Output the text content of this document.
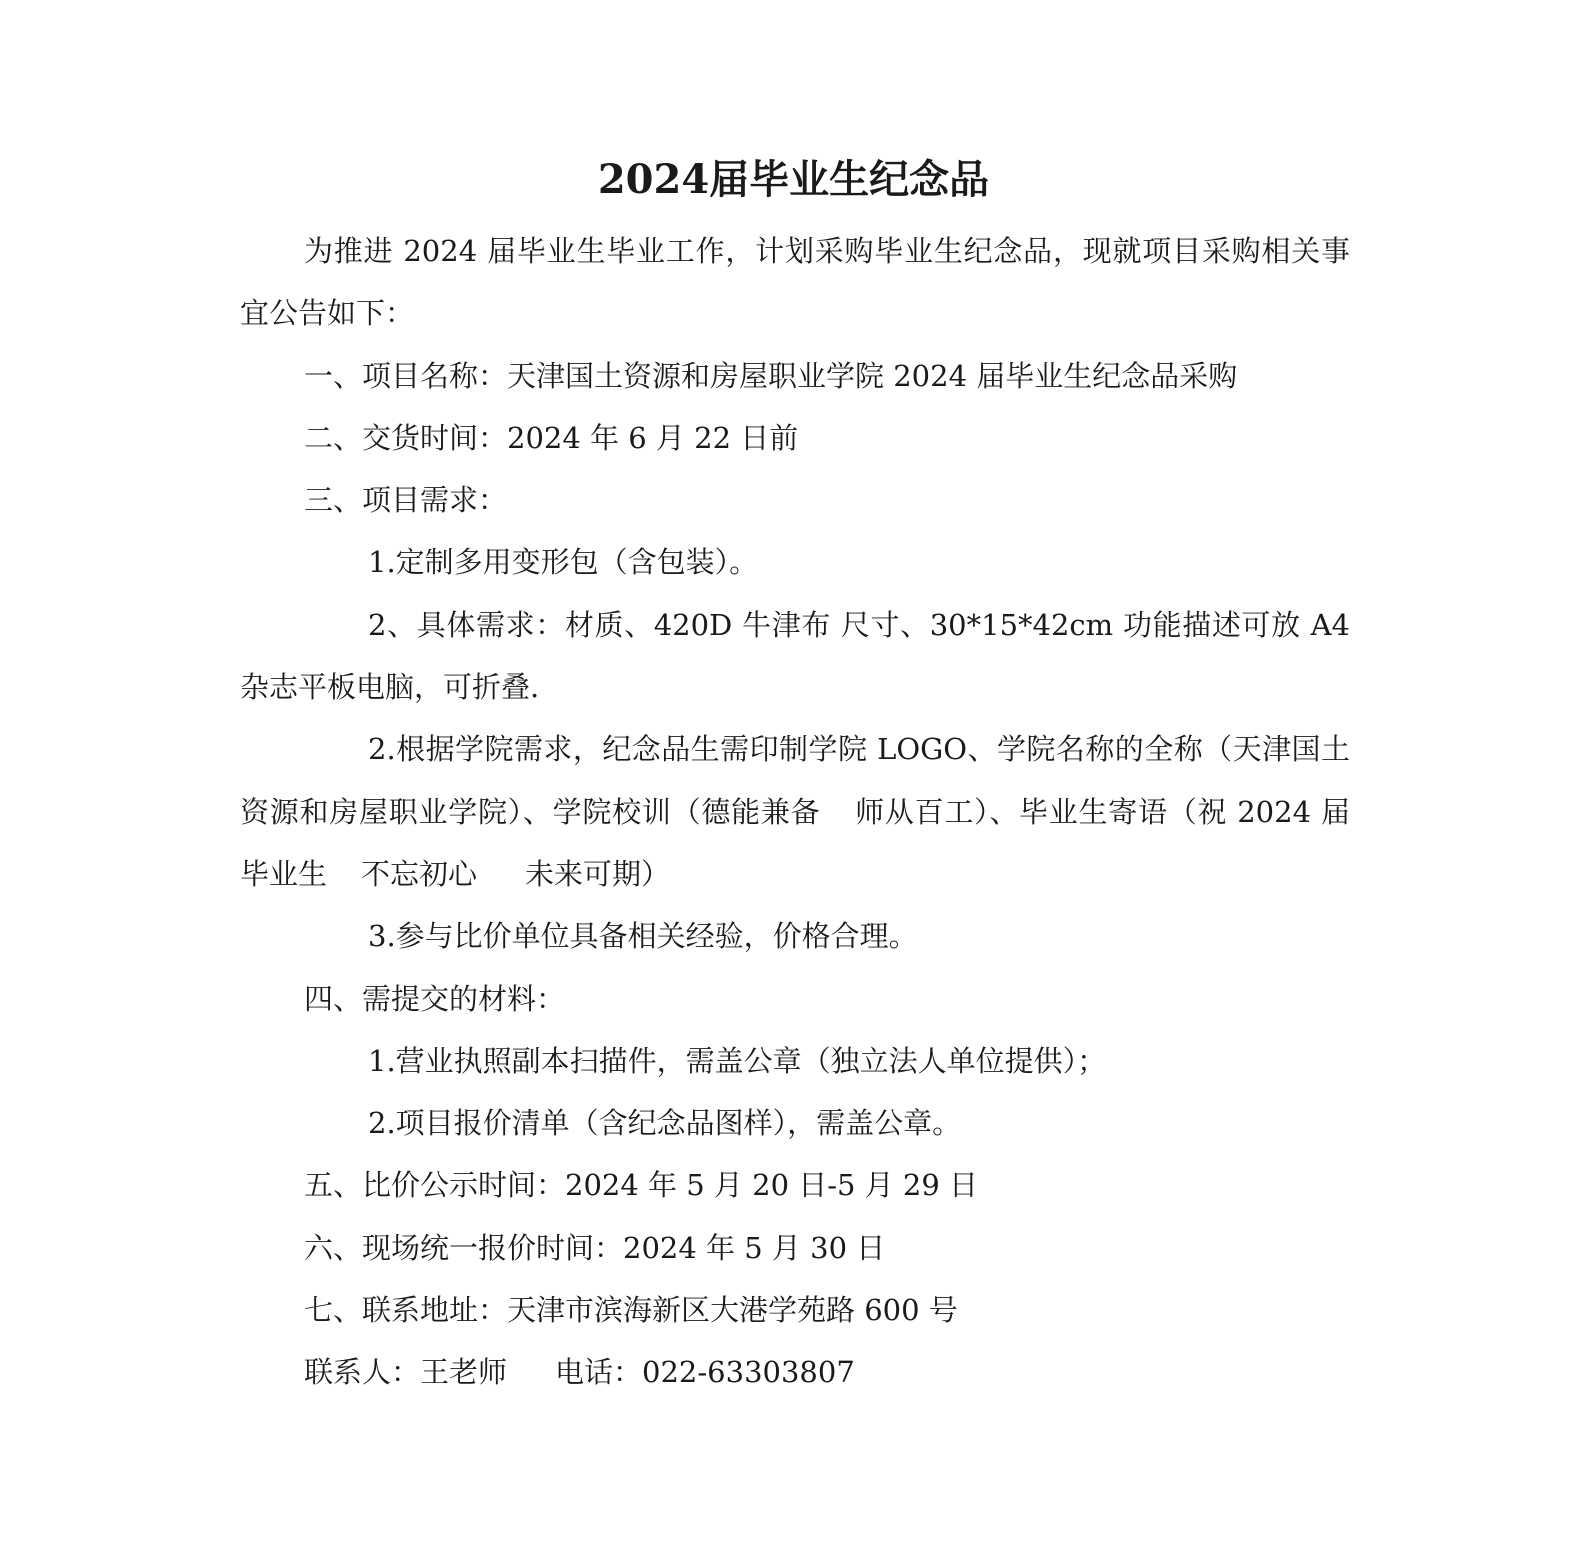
2024届毕业生纪念品

为推进 2024 届毕业生毕业工作，计划采购毕业生纪念品，现就项目采购相关事宜公告如下：

一、项目名称：天津国土资源和房屋职业学院 2024 届毕业生纪念品采购

二、交货时间：2024 年 6 月 22 日前

三、项目需求：

1.定制多用变形包（含包装）。

2、具体需求：材质、420D 牛津布 尺寸、30*15*42cm 功能描述可放 A4 杂志平板电脑，可折叠.

2.根据学院需求，纪念品生需印制学院 LOGO、学院名称的全称（天津国土资源和房屋职业学院）、学院校训（德能兼备 师从百工）、毕业生寄语（祝 2024 届毕业生 不忘初心 未来可期）

3.参与比价单位具备相关经验，价格合理。

四、需提交的材料：

1.营业执照副本扫描件，需盖公章（独立法人单位提供）；

2.项目报价清单（含纪念品图样），需盖公章。

五、比价公示时间：2024 年 5 月 20 日-5 月 29 日

六、现场统一报价时间：2024 年 5 月 30 日

七、联系地址：天津市滨海新区大港学苑路 600 号

联系人：王老师 电话：022-63303807
